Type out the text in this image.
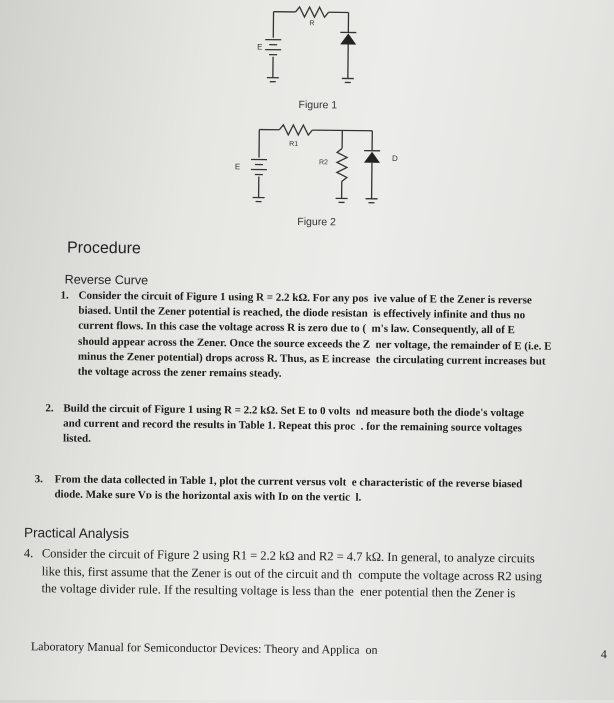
E
R
Figure 1
E
R1
R2	D
Figure 2
Procedure
Reverse Curve
1. Consider the circuit of Figure 1 using R = 2.2 kΩ. For any pos  ive value of E the Zener is reverse
biased. Until the Zener potential is reached, the diode resistan  is effectively infinite and thus no
current flows. In this case the voltage across R is zero due to (  m's law. Consequently, all of E
should appear across the Zener. Once the source exceeds the Z  ner voltage, the remainder of E (i.e. E
minus the Zener potential) drops across R. Thus, as E increase  the circulating current increases but
the voltage across the zener remains steady.
2. Build the circuit of Figure 1 using R = 2.2 kΩ. Set E to 0 volts  nd measure both the diode's voltage
and current and record the results in Table 1. Repeat this proc  . for the remaining source voltages
listed.
3. From the data collected in Table 1, plot the current versus volt  e characteristic of the reverse biased
diode. Make sure Vᴅ is the horizontal axis with Iᴅ on the vertic  l.
Practical Analysis
4. Consider the circuit of Figure 2 using R1 = 2.2 kΩ and R2 = 4.7 kΩ. In general, to analyze circuits
like this, first assume that the Zener is out of the circuit and th  compute the voltage across R2 using
the voltage divider rule. If the resulting voltage is less than the  ener potential then the Zener is
Laboratory Manual for Semiconductor Devices: Theory and Applica  on	4
